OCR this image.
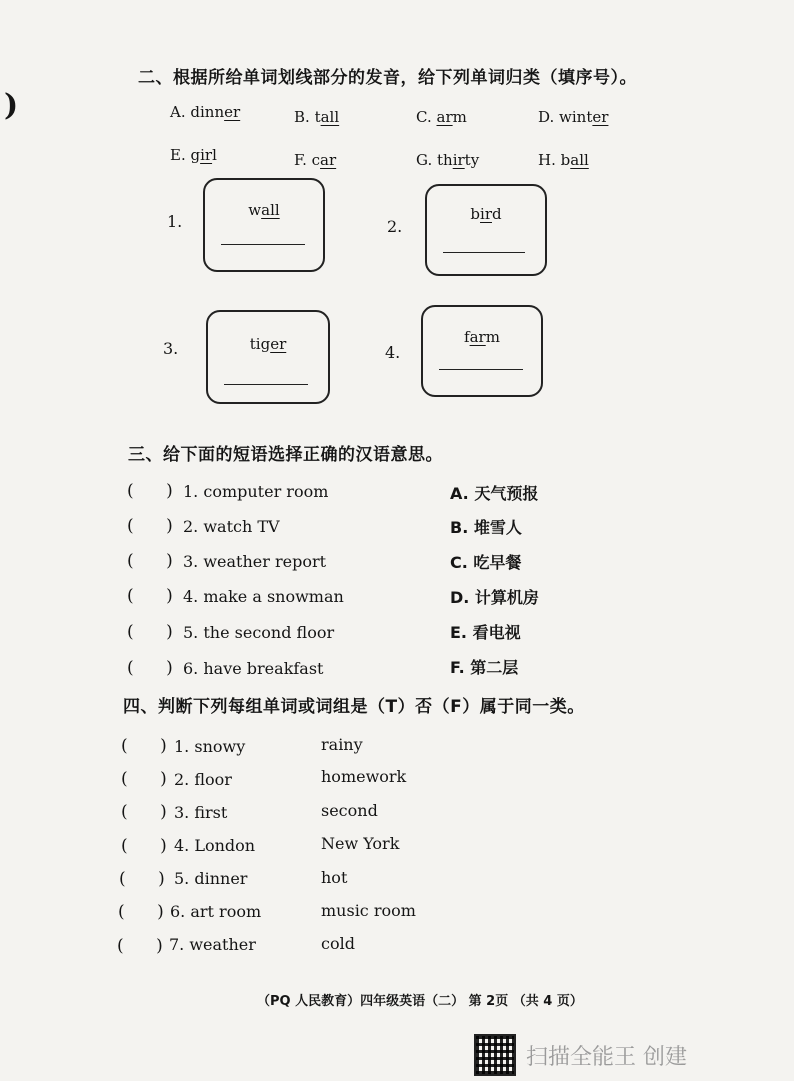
)
二、根据所给单词划线部分的发音，给下列单词归类（填序号）。
A. dinner	B. tall	C. arm	D. winter
E. girl	F. car	G. thirty	H. ball
1.
wall
2.
bird
3.	tiger	4.
farm
三、给下面的短语选择正确的汉语意思。
( ) 1. computer room	A. 天气预报
( ) 2. watch TV	B. 堆雪人
( ) 3. weather report	C. 吃早餐
( ) 4. make a snowman	D. 计算机房
( ) 5. the second floor	E. 看电视
( ) 6. have breakfast	F. 第二层
四、判断下列每组单词或词组是（T）否（F）属于同一类。
( ) 1. snowy	rainy
( ) 2. floor	homework
( ) 3. first	second
( ) 4. London	New York
( ) 5. dinner	hot
( ) 6. art room	music room
( ) 7. weather	cold
（PQ 人民教育）四年级英语（二） 第 2页 （共 4 页）
扫描全能王 创建
